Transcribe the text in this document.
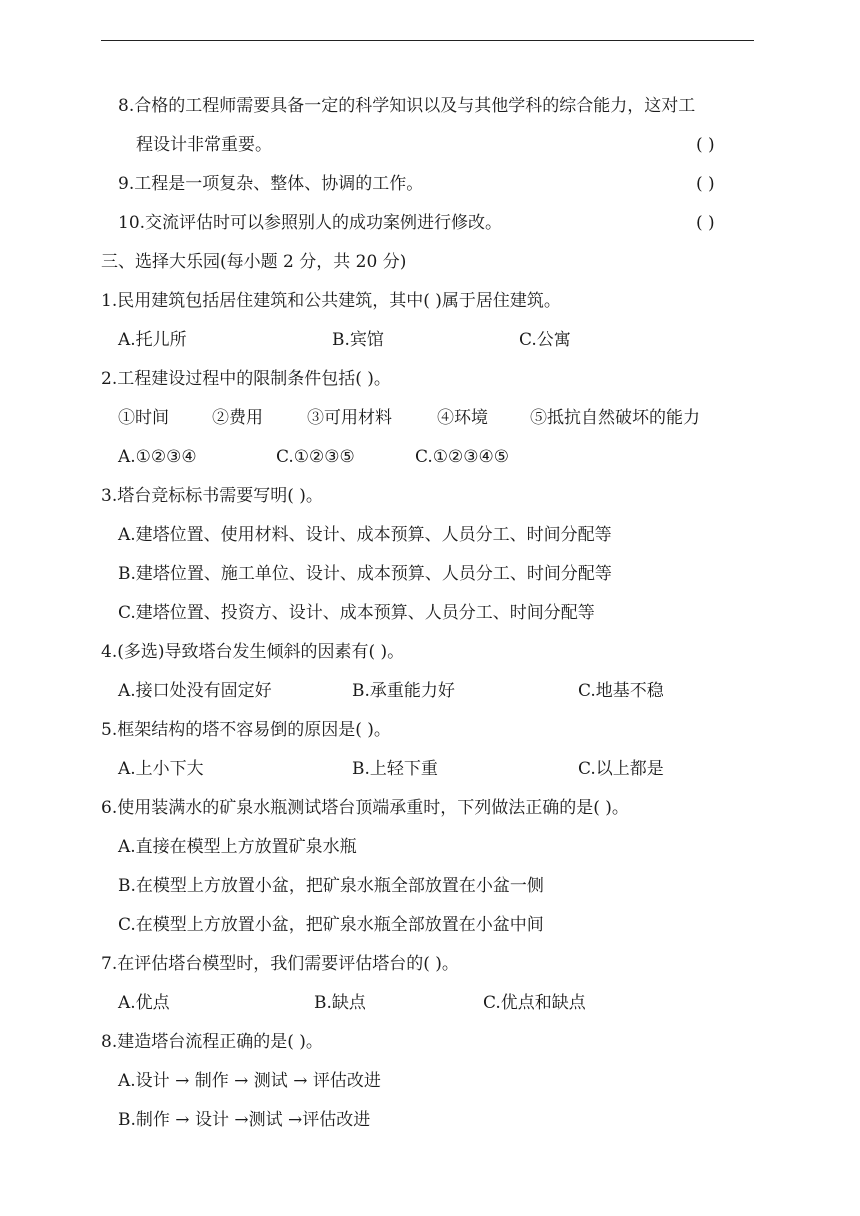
8.合格的工程师需要具备一定的科学知识以及与其他学科的综合能力，这对工
程设计非常重要。	( )
9.工程是一项复杂、整体、协调的工作。	( )
10.交流评估时可以参照别人的成功案例进行修改。	( )
三、选择大乐园(每小题 2 分，共 20 分)
1.民用建筑包括居住建筑和公共建筑，其中( )属于居住建筑。
A.托儿所	B.宾馆	C.公寓
2.工程建设过程中的限制条件包括( )。
①时间	②费用	③可用材料	④环境 ⑤抵抗自然破坏的能力
A.①②③④	C.①②③⑤	C.①②③④⑤
3.塔台竞标标书需要写明( )。
A.建塔位置、使用材料、设计、成本预算、人员分工、时间分配等
B.建塔位置、施工单位、设计、成本预算、人员分工、时间分配等
C.建塔位置、投资方、设计、成本预算、人员分工、时间分配等
4.(多选)导致塔台发生倾斜的因素有( )。
A.接口处没有固定好	B.承重能力好	C.地基不稳
5.框架结构的塔不容易倒的原因是( )。
A.上小下大	B.上轻下重	C.以上都是
6.使用装满水的矿泉水瓶测试塔台顶端承重时，下列做法正确的是( )。
A.直接在模型上方放置矿泉水瓶
B.在模型上方放置小盆，把矿泉水瓶全部放置在小盆一侧
C.在模型上方放置小盆，把矿泉水瓶全部放置在小盆中间
7.在评估塔台模型时，我们需要评估塔台的( )。
A.优点	B.缺点	C.优点和缺点
8.建造塔台流程正确的是( )。
A.设计 → 制作 → 测试 → 评估改进
B.制作 → 设计 →测试 →评估改进
